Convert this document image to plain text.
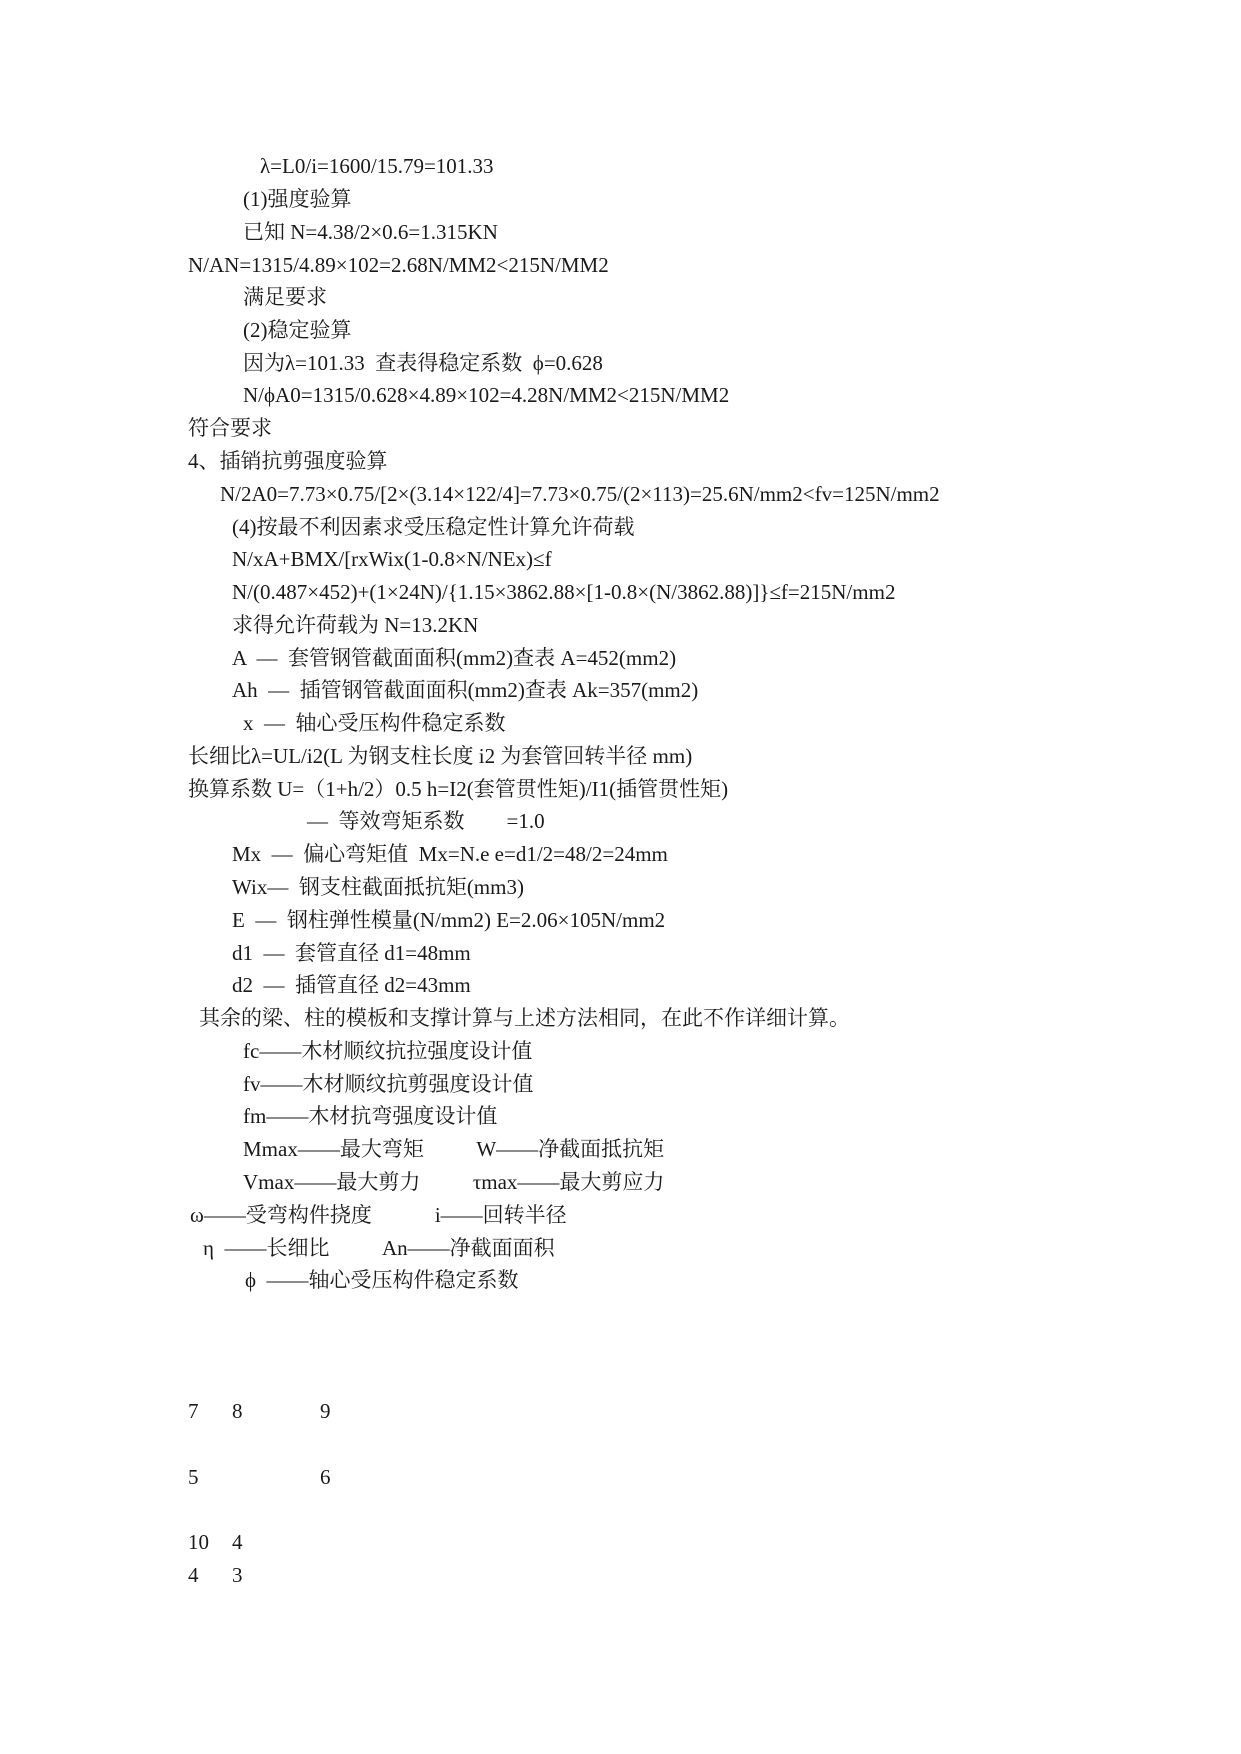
λ=L0/i=1600/15.79=101.33
(1)强度验算
已知 N=4.38/2×0.6=1.315KN
N/AN=1315/4.89×102=2.68N/MM2<215N/MM2
满足要求
(2)稳定验算
因为λ=101.33  查表得稳定系数  ϕ=0.628
N/ϕA0=1315/0.628×4.89×102=4.28N/MM2<215N/MM2
符合要求
4、插销抗剪强度验算
N/2A0=7.73×0.75/[2×(3.14×122/4]=7.73×0.75/(2×113)=25.6N/mm2<fv=125N/mm2
(4)按最不利因素求受压稳定性计算允许荷载
N/xA+BMX/[rxWix(1-0.8×N/NEx)≤f
N/(0.487×452)+(1×24N)/{1.15×3862.88×[1-0.8×(N/3862.88)]}≤f=215N/mm2
求得允许荷载为 N=13.2KN
A  —  套管钢管截面面积(mm2)查表 A=452(mm2)
Ah  —  插管钢管截面面积(mm2)查表 Ak=357(mm2)
x  —  轴心受压构件稳定系数
长细比λ=UL/i2(L 为钢支柱长度 i2 为套管回转半径 mm)
换算系数 U=（1+h/2）0.5 h=I2(套管贯性矩)/I1(插管贯性矩)
—  等效弯矩系数        =1.0
Mx  —  偏心弯矩值  Mx=N.e e=d1/2=48/2=24mm
Wix—  钢支柱截面抵抗矩(mm3)
E  —  钢柱弹性模量(N/mm2) E=2.06×105N/mm2
d1  —  套管直径 d1=48mm
d2  —  插管直径 d2=43mm
其余的梁、柱的模板和支撑计算与上述方法相同，在此不作详细计算。
fc——木材顺纹抗拉强度设计值
fv——木材顺纹抗剪强度设计值
fm——木材抗弯强度设计值
Mmax——最大弯矩          W——净截面抵抗矩
Vmax——最大剪力          τmax——最大剪应力
ω——受弯构件挠度            i——回转半径
η  ——长细比          An——净截面面积
ϕ  ——轴心受压构件稳定系数
7 8	9
5	6
10 4
4 3
